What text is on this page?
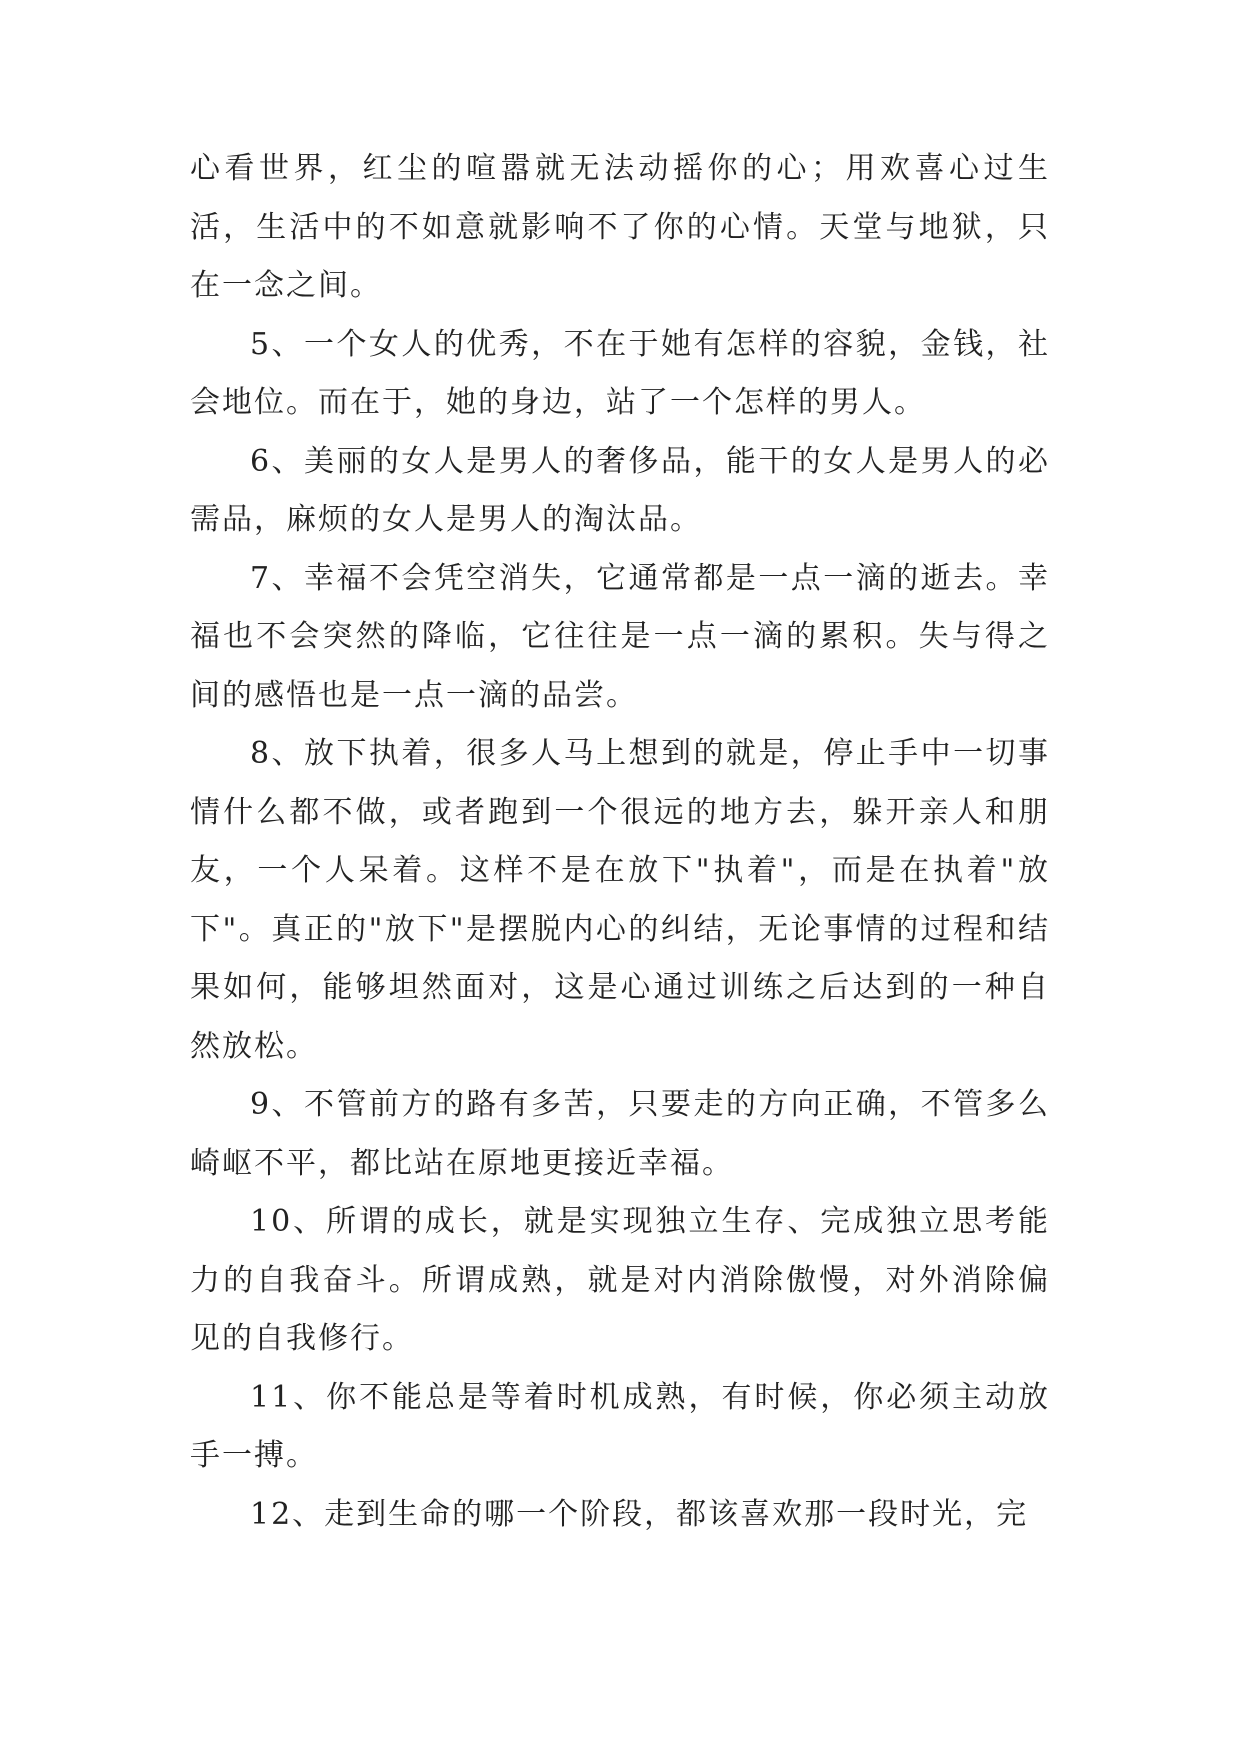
心看世界，红尘的喧嚣就无法动摇你的心；用欢喜心过生活，生活中的不如意就影响不了你的心情。天堂与地狱，只在一念之间。

5、一个女人的优秀，不在于她有怎样的容貌，金钱，社会地位。而在于，她的身边，站了一个怎样的男人。

6、美丽的女人是男人的奢侈品，能干的女人是男人的必需品，麻烦的女人是男人的淘汰品。

7、幸福不会凭空消失，它通常都是一点一滴的逝去。幸福也不会突然的降临，它往往是一点一滴的累积。失与得之间的感悟也是一点一滴的品尝。

8、放下执着，很多人马上想到的就是，停止手中一切事情什么都不做，或者跑到一个很远的地方去，躲开亲人和朋友，一个人呆着。这样不是在放下"执着"，而是在执着"放下"。真正的"放下"是摆脱内心的纠结，无论事情的过程和结果如何，能够坦然面对，这是心通过训练之后达到的一种自然放松。

9、不管前方的路有多苦，只要走的方向正确，不管多么崎岖不平，都比站在原地更接近幸福。

10、所谓的成长，就是实现独立生存、完成独立思考能力的自我奋斗。所谓成熟，就是对内消除傲慢，对外消除偏见的自我修行。

11、你不能总是等着时机成熟，有时候，你必须主动放手一搏。

12、走到生命的哪一个阶段，都该喜欢那一段时光，完
